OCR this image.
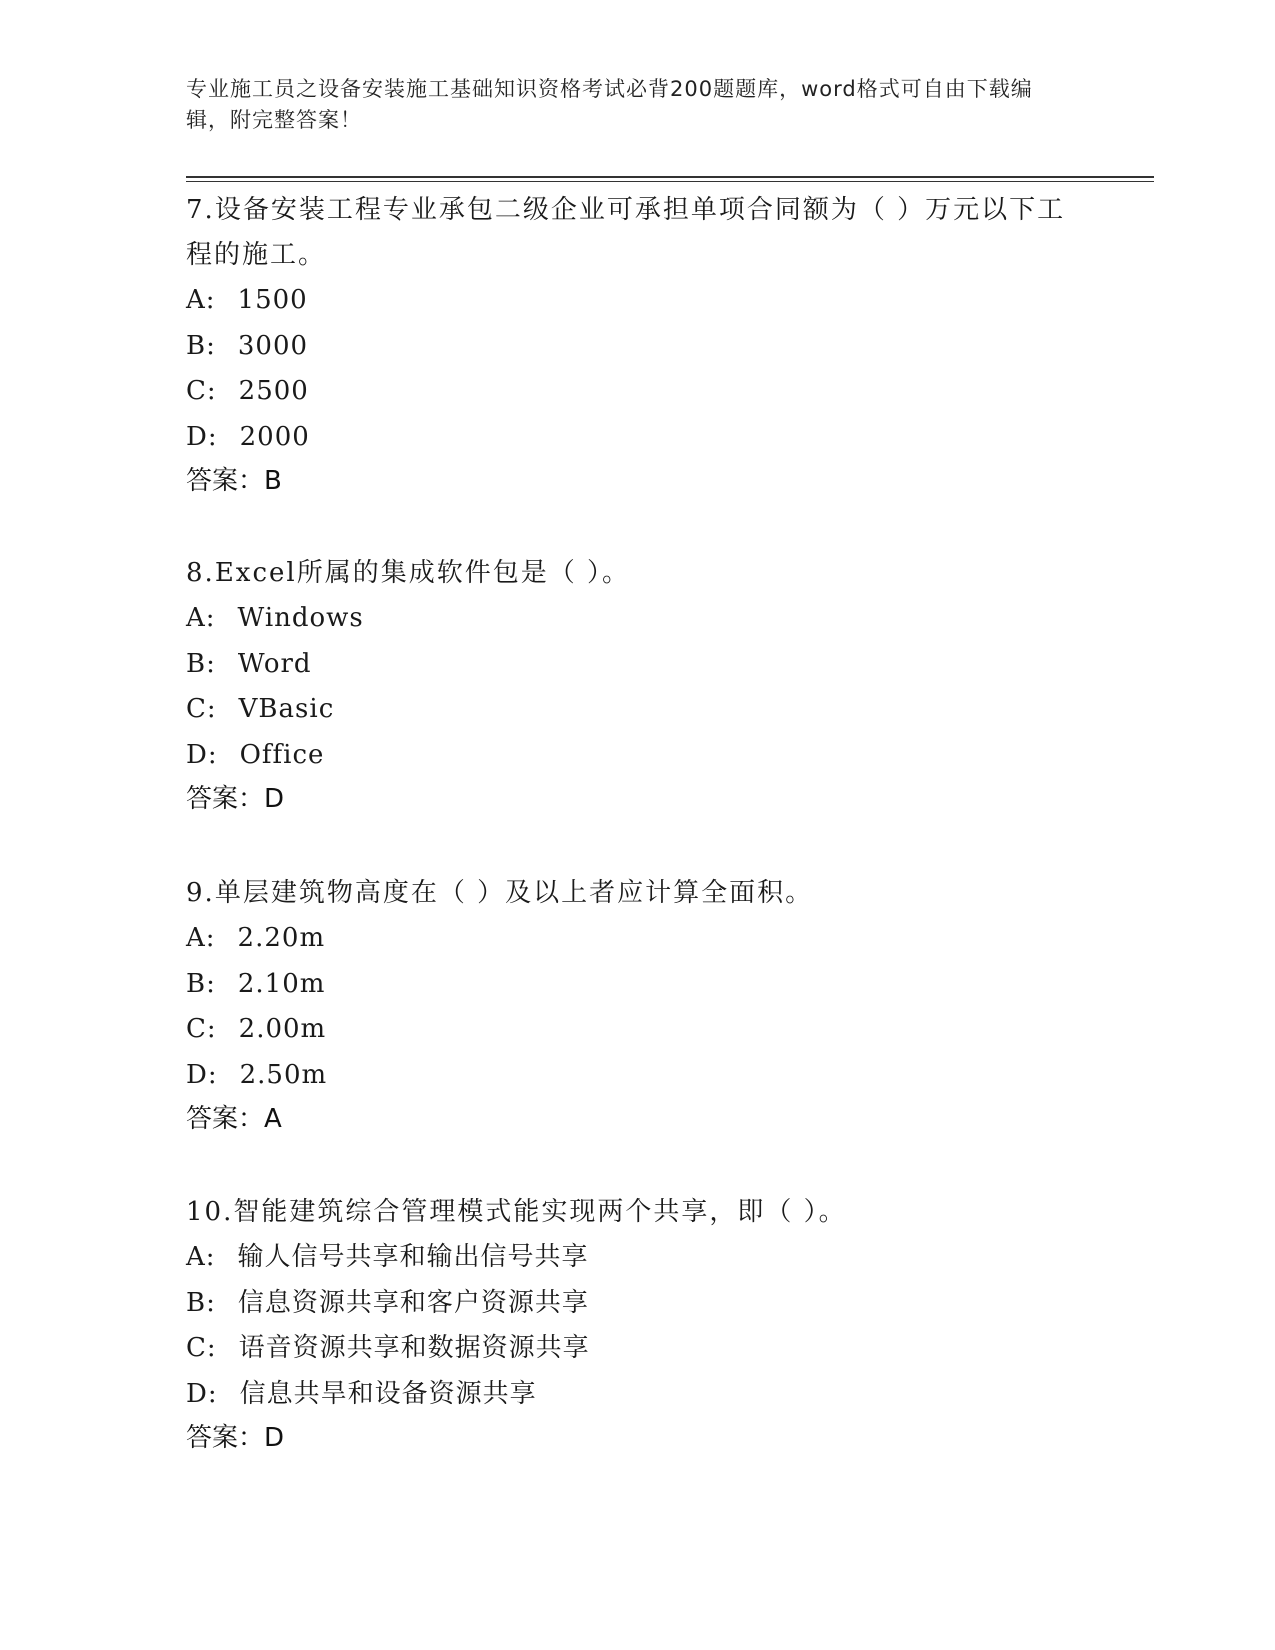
专业施工员之设备安装施工基础知识资格考试必背200题题库，word格式可自由下载编辑，附完整答案！
7.设备安装工程专业承包二级企业可承担单项合同额为（ ）万元以下工程的施工。
A: 1500
B: 3000
C: 2500
D: 2000
答案：B
8.Excel所属的集成软件包是（ ）。
A: Windows
B: Word
C: VBasic
D: Office
答案：D
9.单层建筑物高度在（ ）及以上者应计算全面积。
A: 2.20m
B: 2.10m
C: 2.00m
D: 2.50m
答案：A
10.智能建筑综合管理模式能实现两个共享，即（ ）。
A: 输人信号共享和输出信号共享
B: 信息资源共享和客户资源共享
C: 语音资源共享和数据资源共享
D: 信息共旱和设备资源共享
答案：D
